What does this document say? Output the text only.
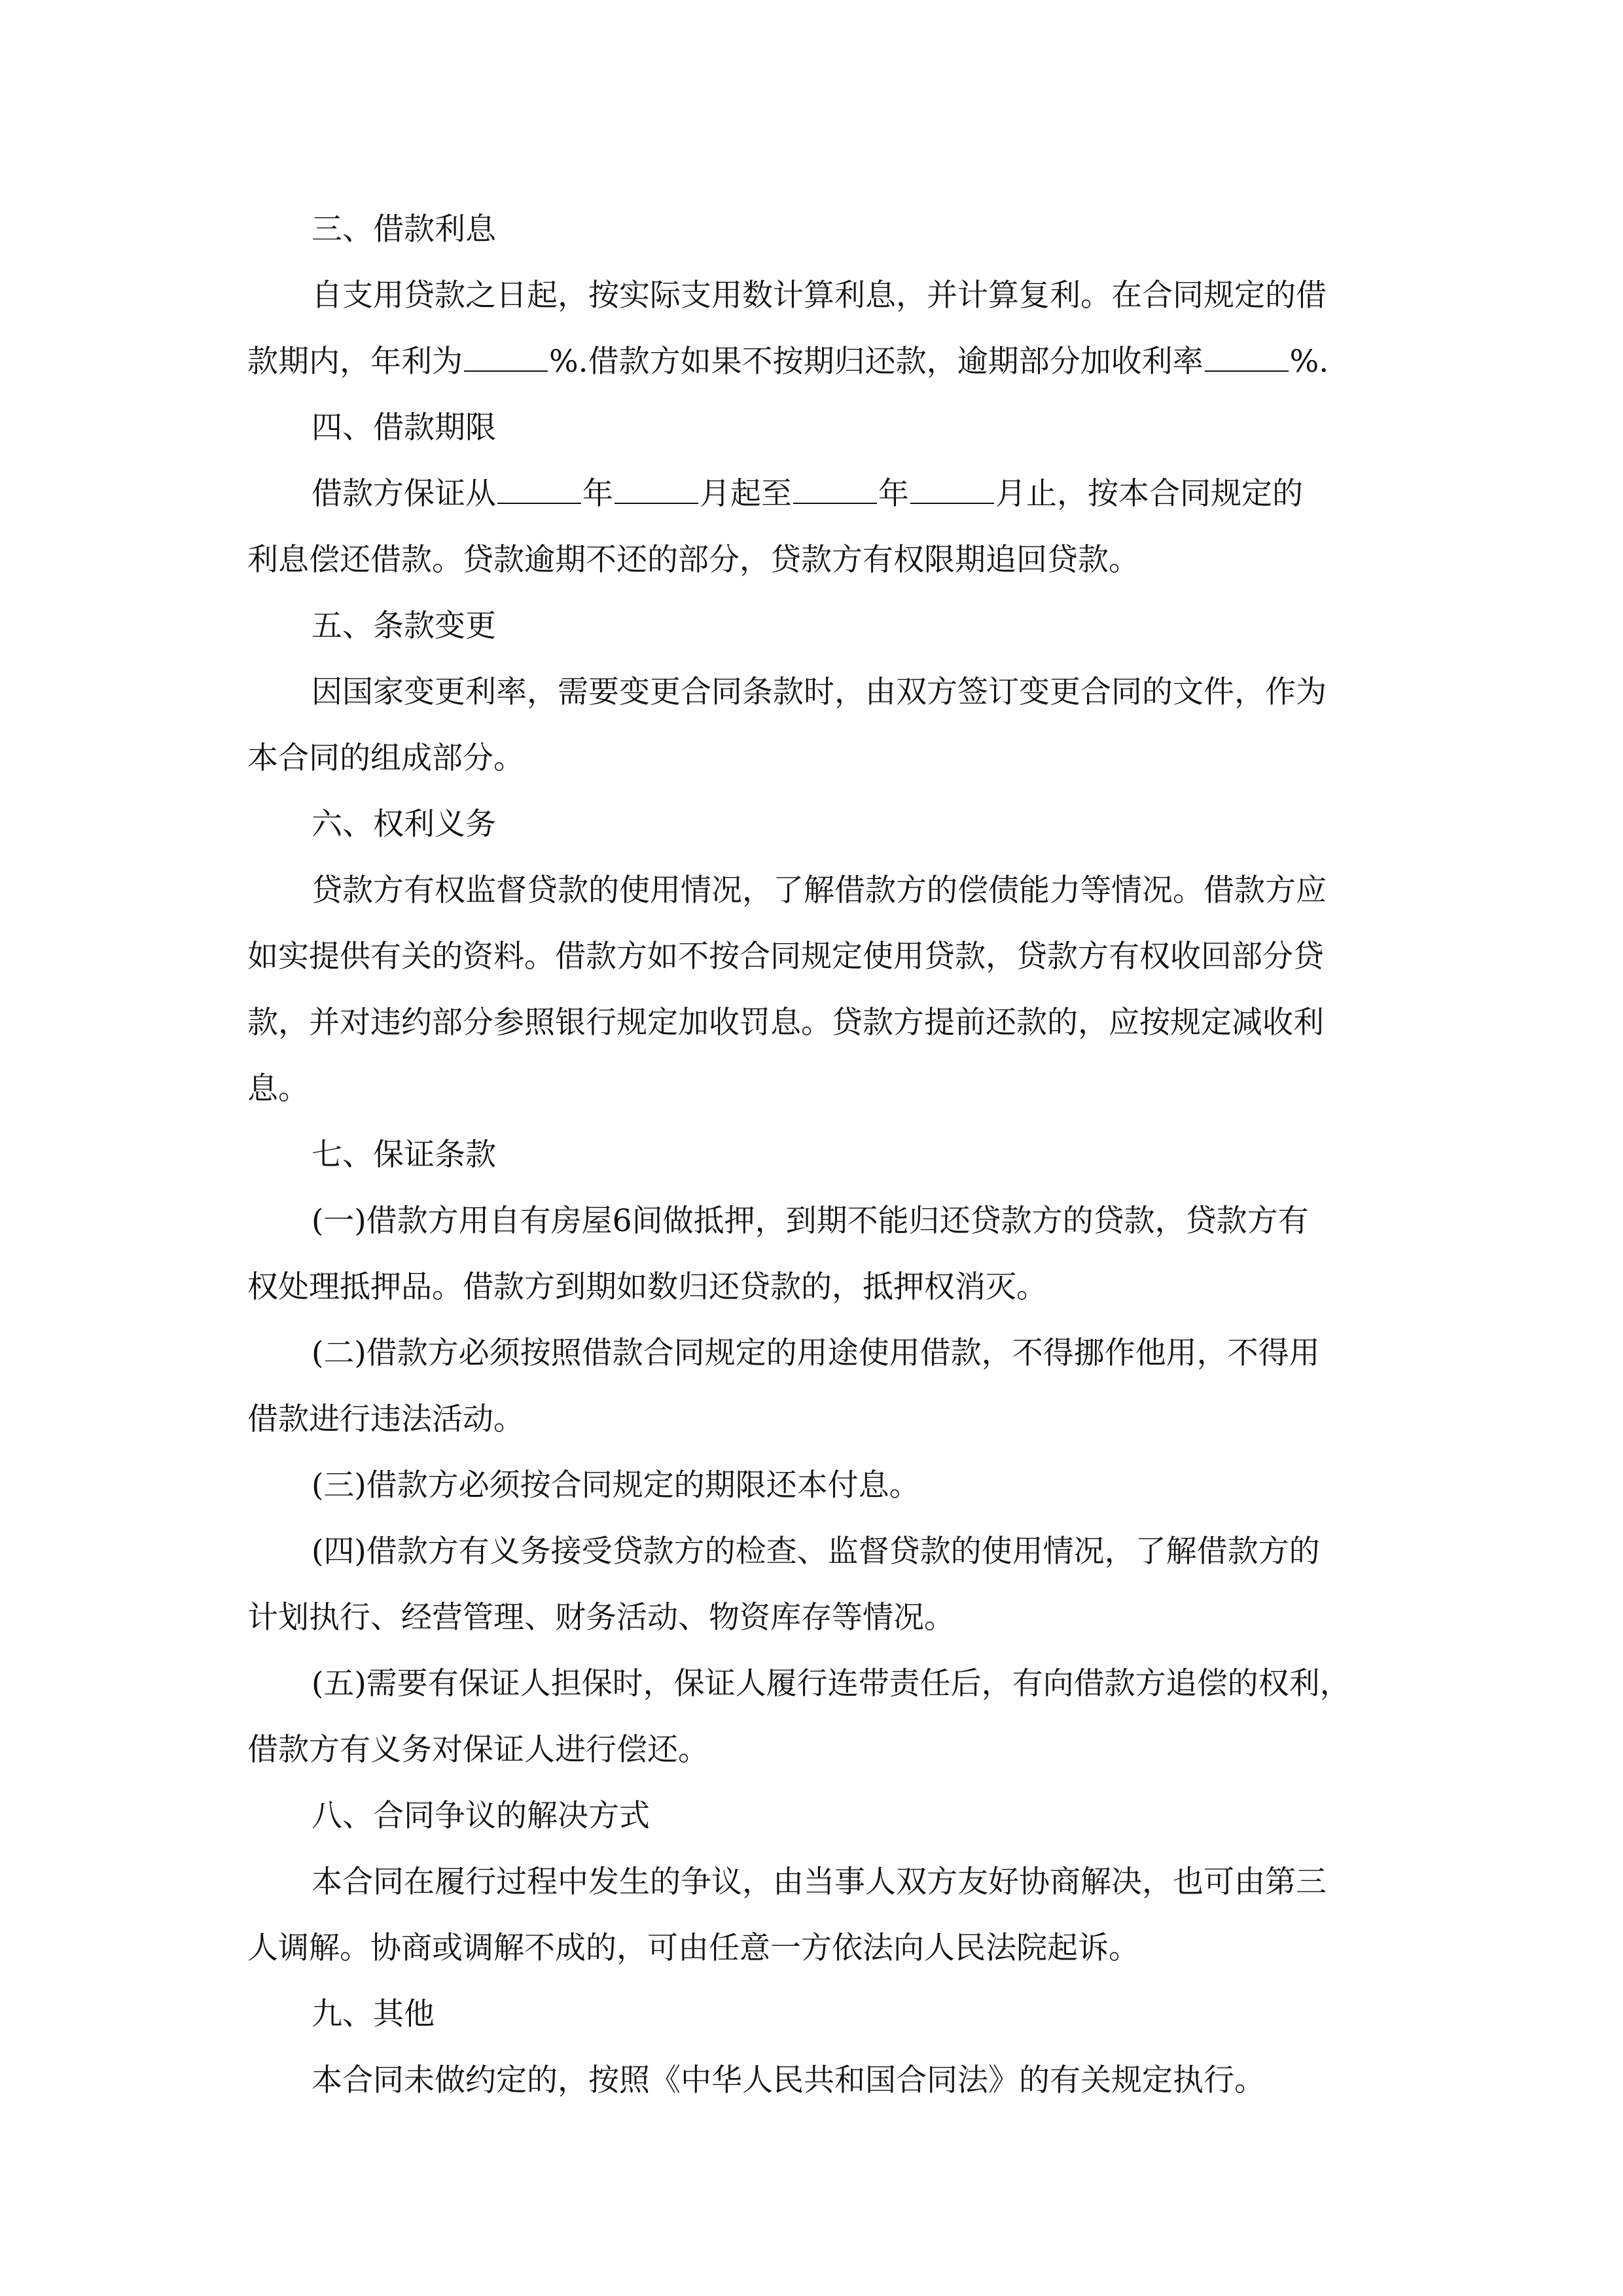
三、借款利息
自支用贷款之日起，按实际支用数计算利息，并计算复利。在合同规定的借
款期内，年利为	%.借款方如果不按期归还款，逾期部分加收利率	%.
四、借款期限
借款方保证从	年	月起至	年	月止，按本合同规定的
利息偿还借款。贷款逾期不还的部分，贷款方有权限期追回贷款。
五、条款变更
因国家变更利率，需要变更合同条款时，由双方签订变更合同的文件，作为
本合同的组成部分。
六、权利义务
贷款方有权监督贷款的使用情况，了解借款方的偿债能力等情况。借款方应
如实提供有关的资料。借款方如不按合同规定使用贷款，贷款方有权收回部分贷
款，并对违约部分参照银行规定加收罚息。贷款方提前还款的，应按规定减收利
息。
七、保证条款
(一)借款方用自有房屋6间做抵押，到期不能归还贷款方的贷款，贷款方有
权处理抵押品。借款方到期如数归还贷款的，抵押权消灭。
(二)借款方必须按照借款合同规定的用途使用借款，不得挪作他用，不得用
借款进行违法活动。
(三)借款方必须按合同规定的期限还本付息。
(四)借款方有义务接受贷款方的检查、监督贷款的使用情况，了解借款方的
计划执行、经营管理、财务活动、物资库存等情况。
(五)需要有保证人担保时，保证人履行连带责任后，有向借款方追偿的权利，
借款方有义务对保证人进行偿还。
八、合同争议的解决方式
本合同在履行过程中发生的争议，由当事人双方友好协商解决，也可由第三
人调解。协商或调解不成的，可由任意一方依法向人民法院起诉。
九、其他
本合同未做约定的，按照《中华人民共和国合同法》的有关规定执行。
